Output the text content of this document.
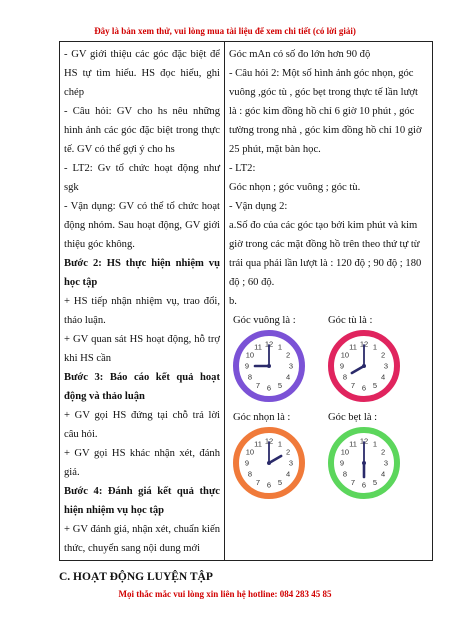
Đây là bản xem thử, vui lòng mua tài liệu để xem chi tiết (có lời giải)

- GV giới thiệu các góc đặc biệt để HS tự tìm hiểu. HS đọc hiểu, ghi chép

- Câu hỏi: GV cho hs nêu những hình ảnh các góc đặc biệt trong thực tế. GV có thể gợi ý cho hs

- LT2: Gv tổ chức hoạt động như sgk

- Vận dụng: GV có thể tổ chức hoạt động nhóm. Sau hoạt động, GV giới thiệu góc không.

Bước 2: HS thực hiện nhiệm vụ học tập

+ HS tiếp nhận nhiệm vụ, trao đổi, thảo luận.

+ GV quan sát HS hoạt động, hỗ trợ khi HS cần

Bước 3: Báo cáo kết quả hoạt động và thảo luận

+ GV gọi HS đứng tại chỗ trả lời câu hỏi.

+ GV gọi HS khác nhận xét, đánh giá.

Bước 4: Đánh giá kết quả thực hiện nhiệm vụ học tập

+ GV đánh giá, nhận xét, chuẩn kiến thức, chuyển sang nội dung mới

Góc mAn có số đo lớn hơn 90 độ

- Câu hỏi 2: Một số hình ảnh góc nhọn, góc vuông ,góc tù , góc bẹt trong thực tế lần lượt là : góc kim đồng hồ chỉ 6 giờ 10 phút , góc tường trong nhà , góc kim đồng hồ chỉ 10 giờ 25 phút, mặt bàn học.

- LT2:

Góc nhọn ; góc vuông ; góc tù.

- Vận dụng 2:

a.Số đo của các góc tạo bởi kim phút và kim giờ trong các mặt đồng hồ trên theo thứ tự từ trái qua phải lần lượt là : 120 độ ; 90 độ ; 180 độ ; 60 độ.

b.

Góc vuông là :
12 1
2
3
4
5
6
7
8
9
10
11
Góc tù là :
12 1
2
3
4
5
6
7
8
9
10
11
Góc nhọn là :
12 1
2
3
4
5
6
7
8
9
10
11
Góc bẹt là :
12 1
2
3
4
5
6
7
8
9
10
11
C. HOẠT ĐỘNG LUYỆN TẬP
Mọi thắc mắc vui lòng xin liên hệ hotline: 084 283 45 85
